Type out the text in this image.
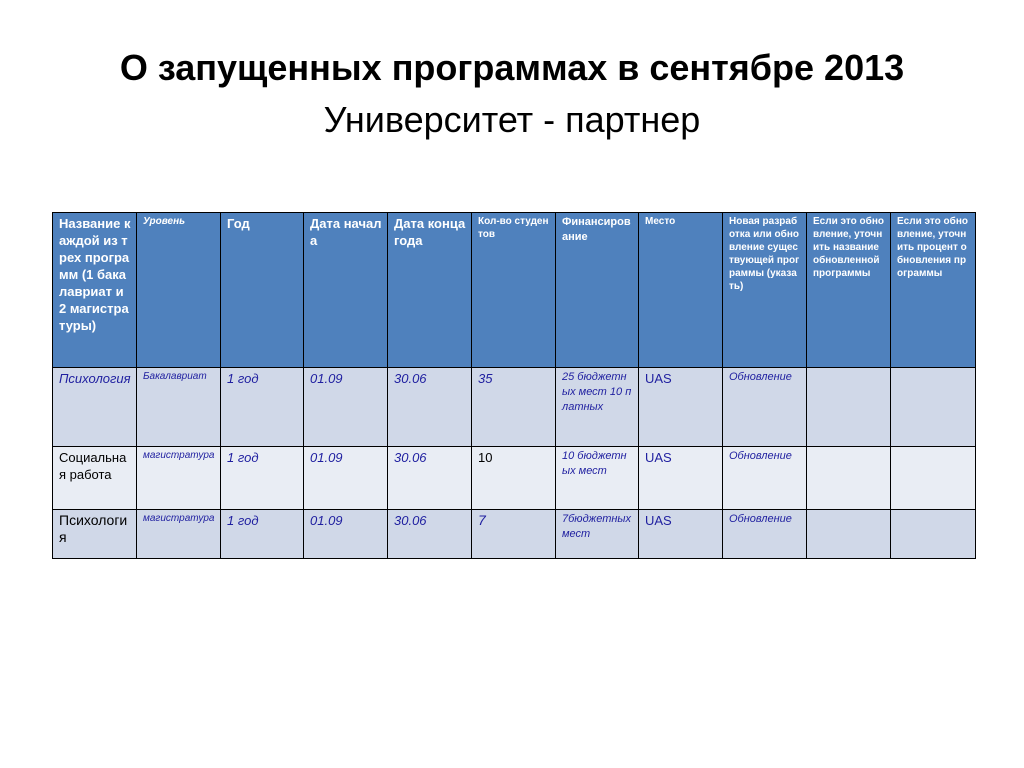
О запущенных программах в сентябре 2013
Университет - партнер
Название каждой из трех программ (1 бакалавриат и 2 магистратуры)	Уровень	Год	Дата начала	Дата конца года	Кол-во студентов	Финансирование	Место	Новая разработка или обновление существующей программы (указать)	Если это обновление, уточнить название обновленной программы	Если это обновление, уточнить процент обновления программы
Психология	Бакалавриат	1 год	01.09	30.06	35	25 бюджетных мест 10 платных	UAS	Обновление		
Социальная работа	магистратура	1 год	01.09	30.06	10	10 бюджетных мест	UAS	Обновление		
Психология	магистратура	1 год	01.09	30.06	7	7бюджетных мест	UAS	Обновление		
